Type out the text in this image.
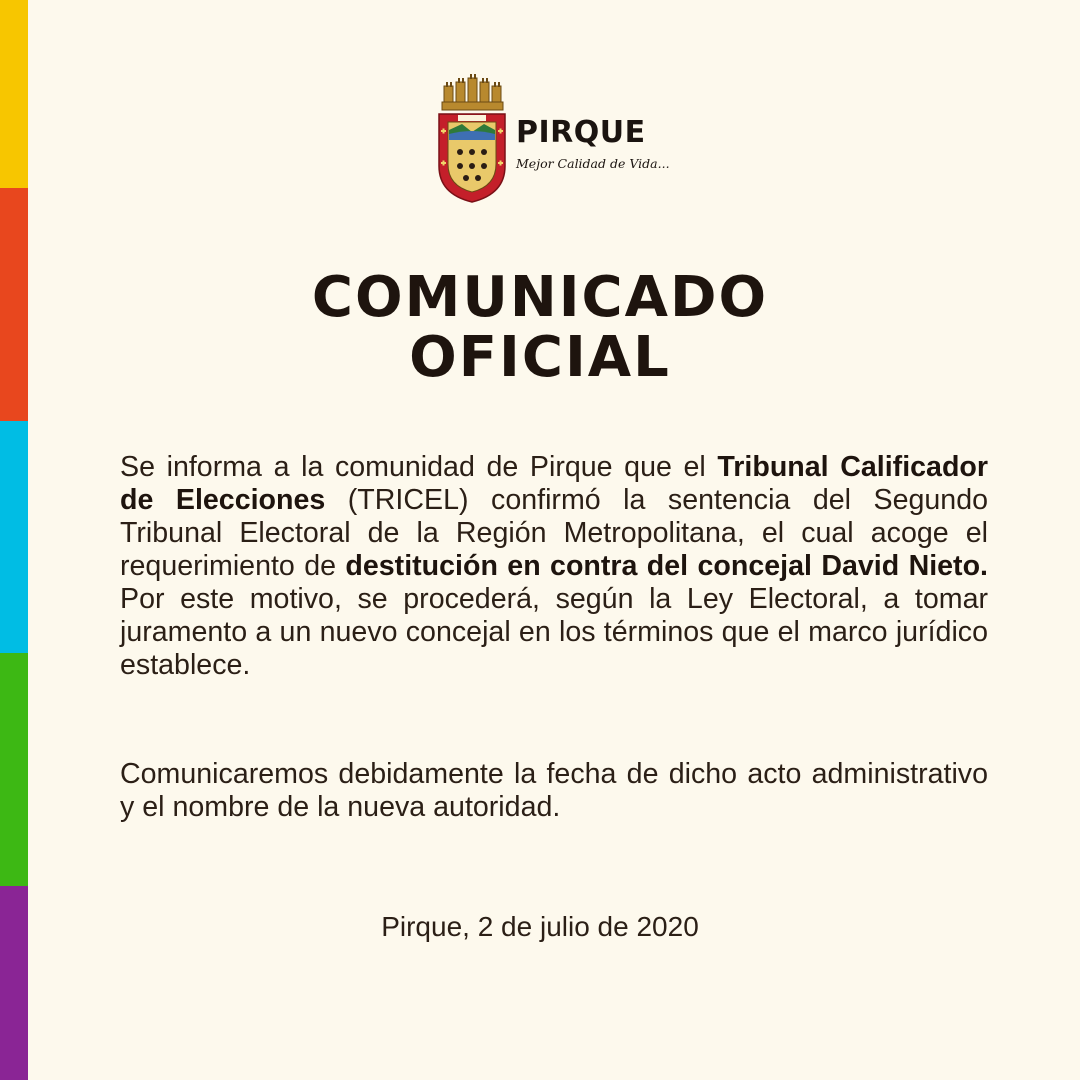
PIRQUE
Mejor Calidad de Vida...
COMUNICADO
OFICIAL

Se informa a la comunidad de Pirque que el Tribunal Calificador de Elecciones (TRICEL) confirmó la sentencia del Segundo Tribunal Electoral de la Región Metropolitana, el cual acoge el requerimiento de destitución en contra del concejal David Nieto. Por este motivo, se procederá, según la Ley Electoral, a tomar juramento a un nuevo concejal en los términos que el marco jurídico establece.

Comunicaremos debidamente la fecha de dicho acto administrativo y el nombre de la nueva autoridad.

Pirque, 2 de julio de 2020
